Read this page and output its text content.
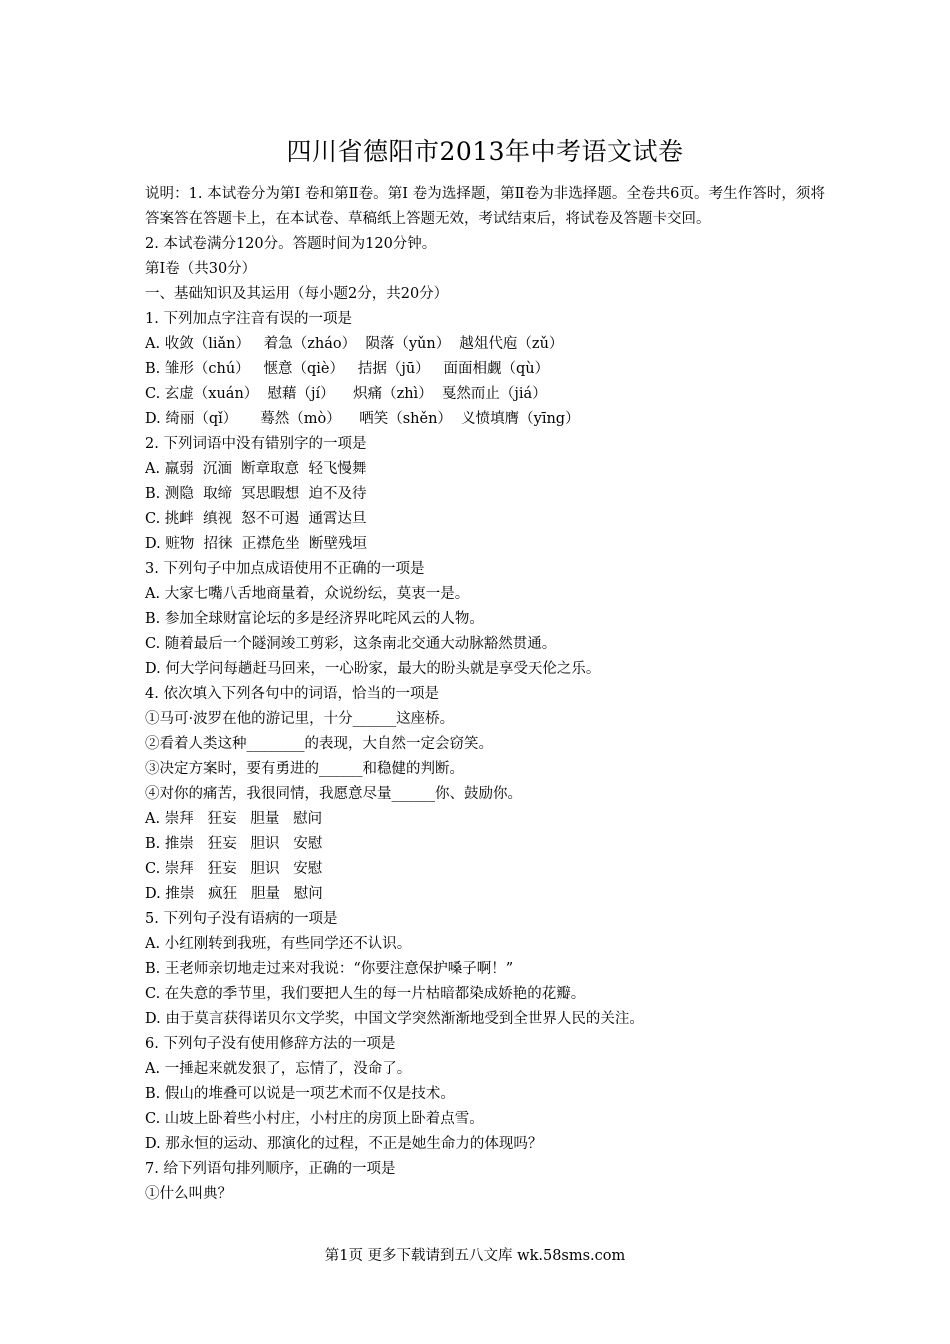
四川省德阳市2013年中考语文试卷
说明：1. 本试卷分为第Ⅰ 卷和第Ⅱ卷。第Ⅰ 卷为选择题，第Ⅱ卷为非选择题。全卷共6页。考生作答时，须将答案答在答题卡上，在本试卷、草稿纸上答题无效，考试结束后，将试卷及答题卡交回。
2. 本试卷满分120分。答题时间为120分钟。
第Ⅰ卷（共30分）
一、基础知识及其运用（每小题2分，共20分）
1. 下列加点字注音有误的一项是
A. 收敛（liǎn）   着急（zháo）  陨落（yǔn）  越俎代庖（zǔ）
B. 雏形（chú）   惬意（qiè）   拮据（jū）   面面相觑（qù）
C. 玄虚（xuán）  慰藉（jí）    炽痛（zhì）  戛然而止（jiá）
D. 绮丽（qǐ）     蓦然（mò）    哂笑（shěn）  义愤填膺（yīng）
2. 下列词语中没有错别字的一项是
A. 羸弱  沉湎  断章取意  轻飞慢舞
B. 测隐  取缔  冥思暇想  迫不及待
C. 挑衅  缜视  怒不可遏  通霄达旦
D. 赃物  招徕  正襟危坐  断壁残垣
3. 下列句子中加点成语使用不正确的一项是
A. 大家七嘴八舌地商量着，众说纷纭，莫衷一是。
B. 参加全球财富论坛的多是经济界叱咤风云的人物。
C. 随着最后一个隧洞竣工剪彩，这条南北交通大动脉豁然贯通。
D. 何大学问每趟赶马回来，一心盼家，最大的盼头就是享受天伦之乐。
4. 依次填入下列各句中的词语，恰当的一项是
①马可·波罗在他的游记里，十分______这座桥。
②看着人类这种________的表现，大自然一定会窃笑。
③决定方案时，要有勇进的______和稳健的判断。
④对你的痛苦，我很同情，我愿意尽量______你、鼓励你。
A. 崇拜   狂妄   胆量   慰问
B. 推崇   狂妄   胆识   安慰
C. 崇拜   狂妄   胆识   安慰
D. 推崇   疯狂   胆量   慰问
5. 下列句子没有语病的一项是
A. 小红刚转到我班，有些同学还不认识。
B. 王老师亲切地走过来对我说：“你要注意保护嗓子啊！”
C. 在失意的季节里，我们要把人生的每一片枯暗都染成娇艳的花瓣。
D. 由于莫言获得诺贝尔文学奖，中国文学突然渐渐地受到全世界人民的关注。
6. 下列句子没有使用修辞方法的一项是
A. 一捶起来就发狠了，忘情了，没命了。
B. 假山的堆叠可以说是一项艺术而不仅是技术。
C. 山坡上卧着些小村庄，小村庄的房顶上卧着点雪。
D. 那永恒的运动、那演化的过程，不正是她生命力的体现吗？
7. 给下列语句排列顺序，正确的一项是
①什么叫典？
第1页 更多下载请到五八文库 wk.58sms.com
